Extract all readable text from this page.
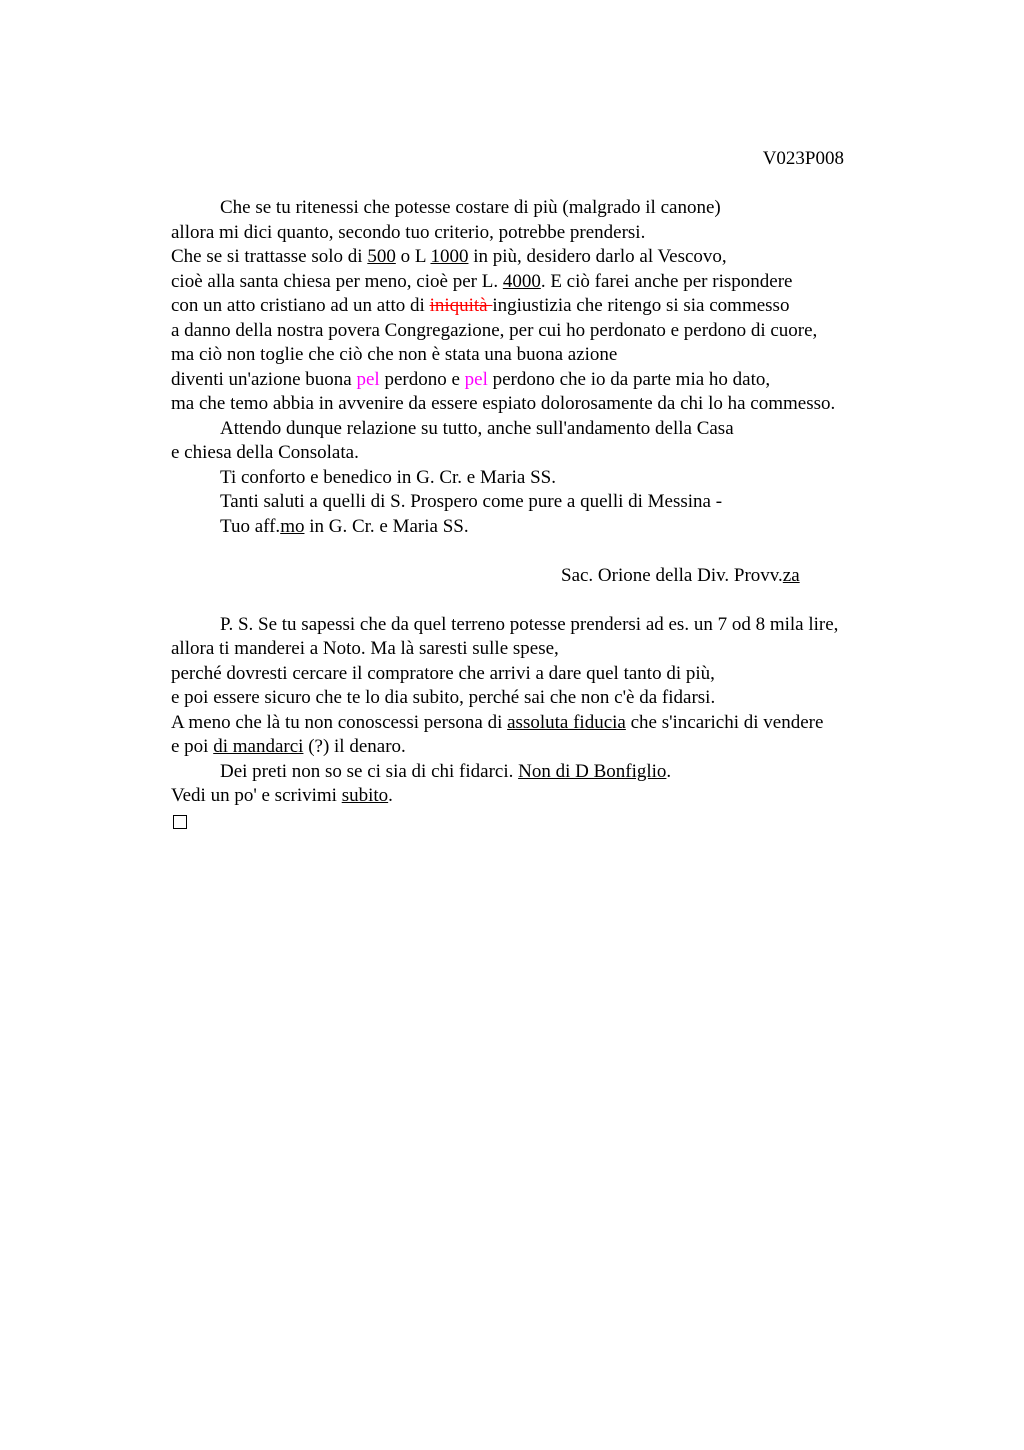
V023P008
Che se tu ritenessi che potesse costare di più (malgrado il canone)
allora mi dici quanto, secondo tuo criterio, potrebbe prendersi.
Che se si trattasse solo di 500 o L 1000 in più, desidero darlo al Vescovo,
cioè alla santa chiesa per meno, cioè per L. 4000. E ciò farei anche per rispondere
con un atto cristiano ad un atto di iniquità ingiustizia che ritengo si sia commesso
a danno della nostra povera Congregazione, per cui ho perdonato e perdono di cuore,
ma ciò non toglie che ciò che non è stata una buona azione
diventi un'azione buona pel perdono e pel perdono che io da parte mia ho dato,
ma che temo abbia in avvenire da essere espiato dolorosamente da chi lo ha commesso.
Attendo dunque relazione su tutto, anche sull'andamento della Casa
e chiesa della Consolata.
Ti conforto e benedico in G. Cr. e Maria SS.
Tanti saluti a quelli di S. Prospero come pure a quelli di Messina -
Tuo aff.mo in G. Cr. e Maria SS.
Sac. Orione della Div. Provv.za
P. S. Se tu sapessi che da quel terreno potesse prendersi ad es. un 7 od 8 mila lire,
allora ti manderei a Noto. Ma là saresti sulle spese,
perché dovresti cercare il compratore che arrivi a dare quel tanto di più,
e poi essere sicuro che te lo dia subito, perché sai che non c'è da fidarsi.
A meno che là tu non conoscessi persona di assoluta fiducia che s'incarichi di vendere
e poi di mandarci (?) il denaro.
Dei preti non so se ci sia di chi fidarci. Non di D Bonfiglio.
Vedi un po' e scrivimi subito.
